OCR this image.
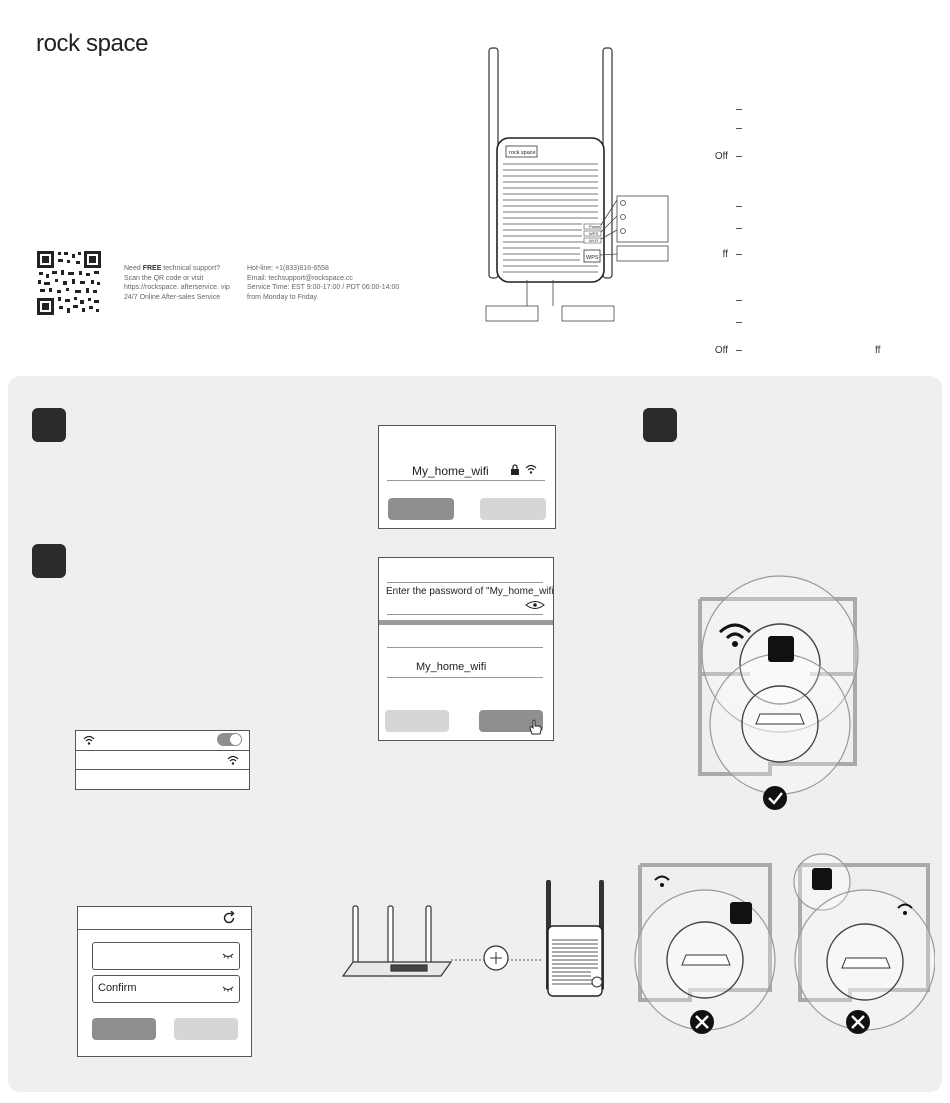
rock space
Need FREE technical support?
Scan the QR code or visit
https://rockspace. afterservice. vip
24/7 Online After-sales Service
Hot-line: +1(833)816-6558
Email: techsupport@rockspace.cc
Service Time: EST 9:00-17:00 / PDT 06:00-14:00
from Monday to Friday
rock space
Power
WPS
Wi-Fi
WPS
Off
ff
Off	ff
My_home_wifi
Enter the password of "My_home_wifi
My_home_wifi
Confirm
